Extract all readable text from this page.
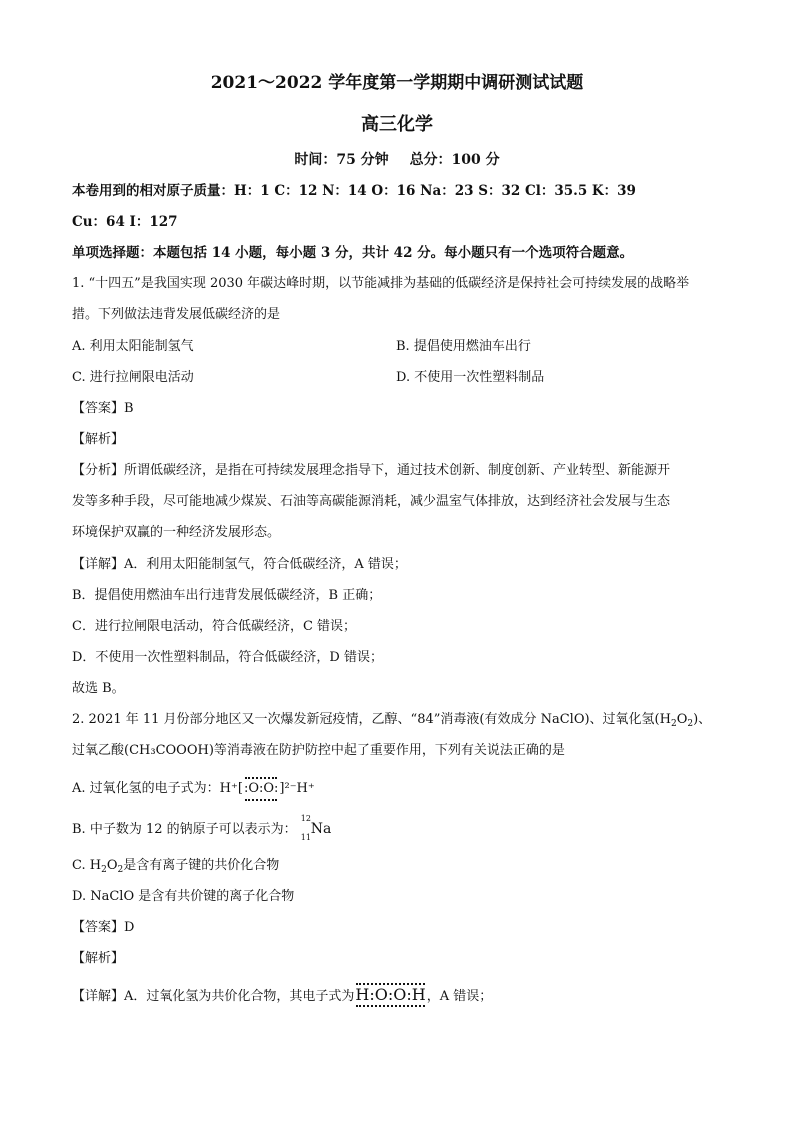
2021～2022 学年度第一学期期中调研测试试题
高三化学
时间：75 分钟 总分：100 分
本卷用到的相对原子质量：H：1 C：12 N：14 O：16 Na：23 S：32 Cl：35.5 K：39
Cu：64 I：127
单项选择题：本题包括 14 小题，每小题 3 分，共计 42 分。每小题只有一个选项符合题意。
1. “十四五”是我国实现 2030 年碳达峰时期，以节能减排为基础的低碳经济是保持社会可持续发展的战略举
措。下列做法违背发展低碳经济的是
A. 利用太阳能制氢气	B. 提倡使用燃油车出行
C. 进行拉闸限电活动	D. 不使用一次性塑料制品
【答案】B
【解析】
【分析】所谓低碳经济，是指在可持续发展理念指导下，通过技术创新、制度创新、产业转型、新能源开
发等多种手段，尽可能地减少煤炭、石油等高碳能源消耗，减少温室气体排放，达到经济社会发展与生态
环境保护双赢的一种经济发展形态。
【详解】A．利用太阳能制氢气，符合低碳经济，A 错误；
B．提倡使用燃油车出行违背发展低碳经济，B 正确；
C．进行拉闸限电活动，符合低碳经济，C 错误；
D．不使用一次性塑料制品，符合低碳经济，D 错误；
故选 B。
2. 2021 年 11 月份部分地区又一次爆发新冠疫情，乙醇、“84”消毒液(有效成分 NaClO)、过氧化氢$(H_2O_2)$、
过氧乙酸(CH₃COOOH)等消毒液在防护防控中起了重要作用，下列有关说法正确的是
A. 过氧化氢的电子式为：H⁺[:O:O:]²⁻H⁺
B. 中子数为 12 的钠原子可以表示为：
12
11
Na
C. $H_2O_2$是含有离子键的共价化合物
D. NaClO 是含有共价键的离子化合物
【答案】D
【解析】
【详解】A．过氧化氢为共价化合物，其电子式为H:O:O:H，A 错误；
